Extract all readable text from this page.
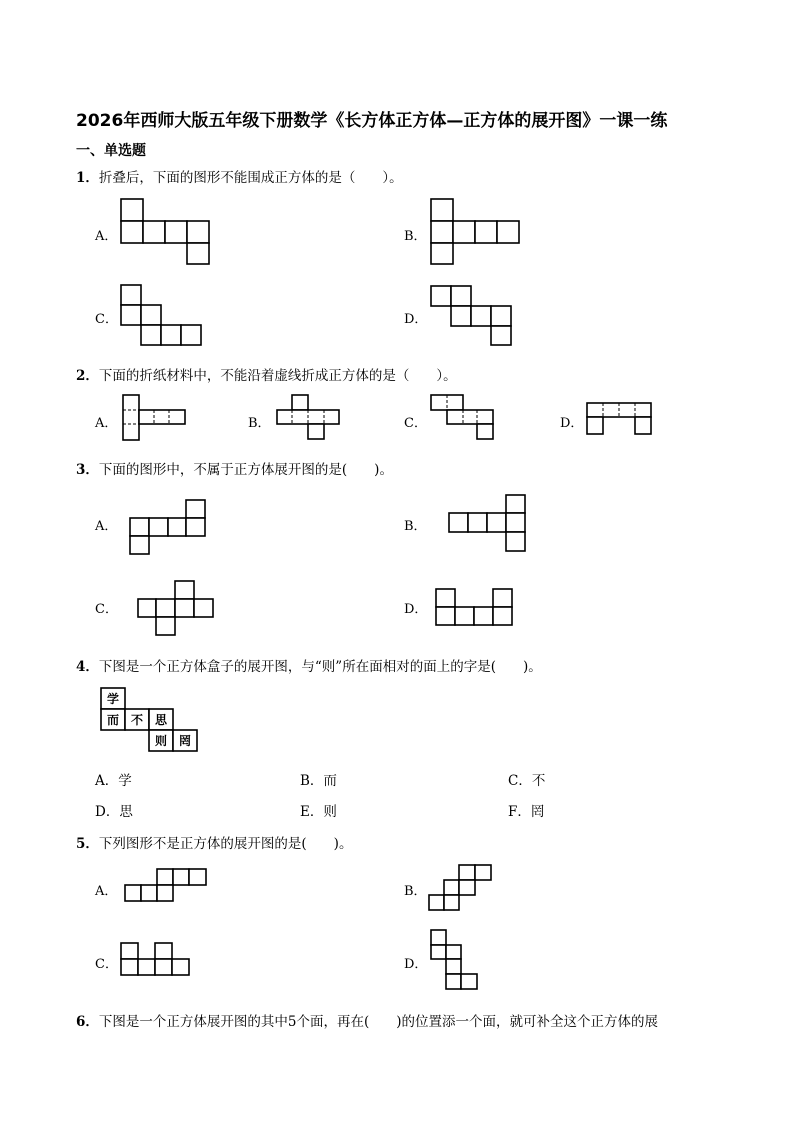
2026年西师大版五年级下册数学《长方体正方体—正方体的展开图》一课一练
一、单选题
1．折叠后，下面的图形不能围成正方体的是（　　）。
A．	B．
C．	D．
2．下面的折纸材料中，不能沿着虚线折成正方体的是（　　）。
A．	B．	C．	D．
3．下面的图形中，不属于正方体展开图的是(　　)。
A．	B．
C．	D．
4．下图是一个正方体盒子的展开图，与“则”所在面相对的面上的字是(　　)。
学
而 不 思
则 罔
A．学	B．而	C．不
D．思	E．则	F．罔
5．下列图形不是正方体的展开图的是(　　)。
A．	B．
C．	D．
6．下图是一个正方体展开图的其中5个面，再在(　　)的位置添一个面，就可补全这个正方体的展
